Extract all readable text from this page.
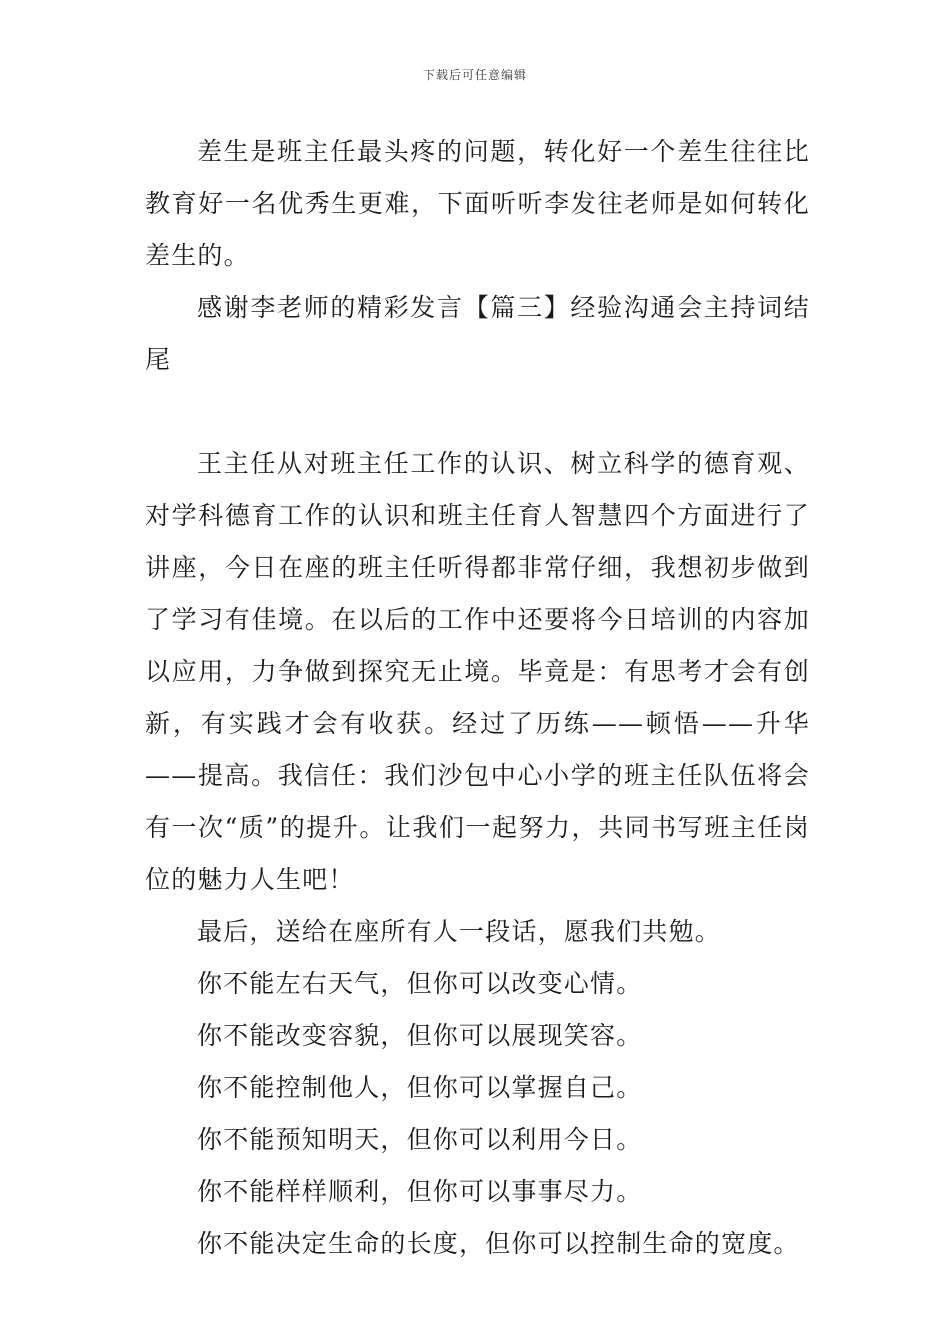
下载后可任意编辑

差生是班主任最头疼的问题，转化好一个差生往往比教育好一名优秀生更难，下面听听李发往老师是如何转化差生的。

感谢李老师的精彩发言【篇三】经验沟通会主持词结尾

王主任从对班主任工作的认识、树立科学的德育观、对学科德育工作的认识和班主任育人智慧四个方面进行了讲座，今日在座的班主任听得都非常仔细，我想初步做到了学习有佳境。在以后的工作中还要将今日培训的内容加以应用，力争做到探究无止境。毕竟是：有思考才会有创新，有实践才会有收获。经过了历练——顿悟——升华——提高。我信任：我们沙包中心小学的班主任队伍将会有一次“质”的提升。让我们一起努力，共同书写班主任岗位的魅力人生吧！

最后，送给在座所有人一段话，愿我们共勉。

你不能左右天气，但你可以改变心情。

你不能改变容貌，但你可以展现笑容。

你不能控制他人，但你可以掌握自己。

你不能预知明天，但你可以利用今日。

你不能样样顺利，但你可以事事尽力。

你不能决定生命的长度，但你可以控制生命的宽度。
